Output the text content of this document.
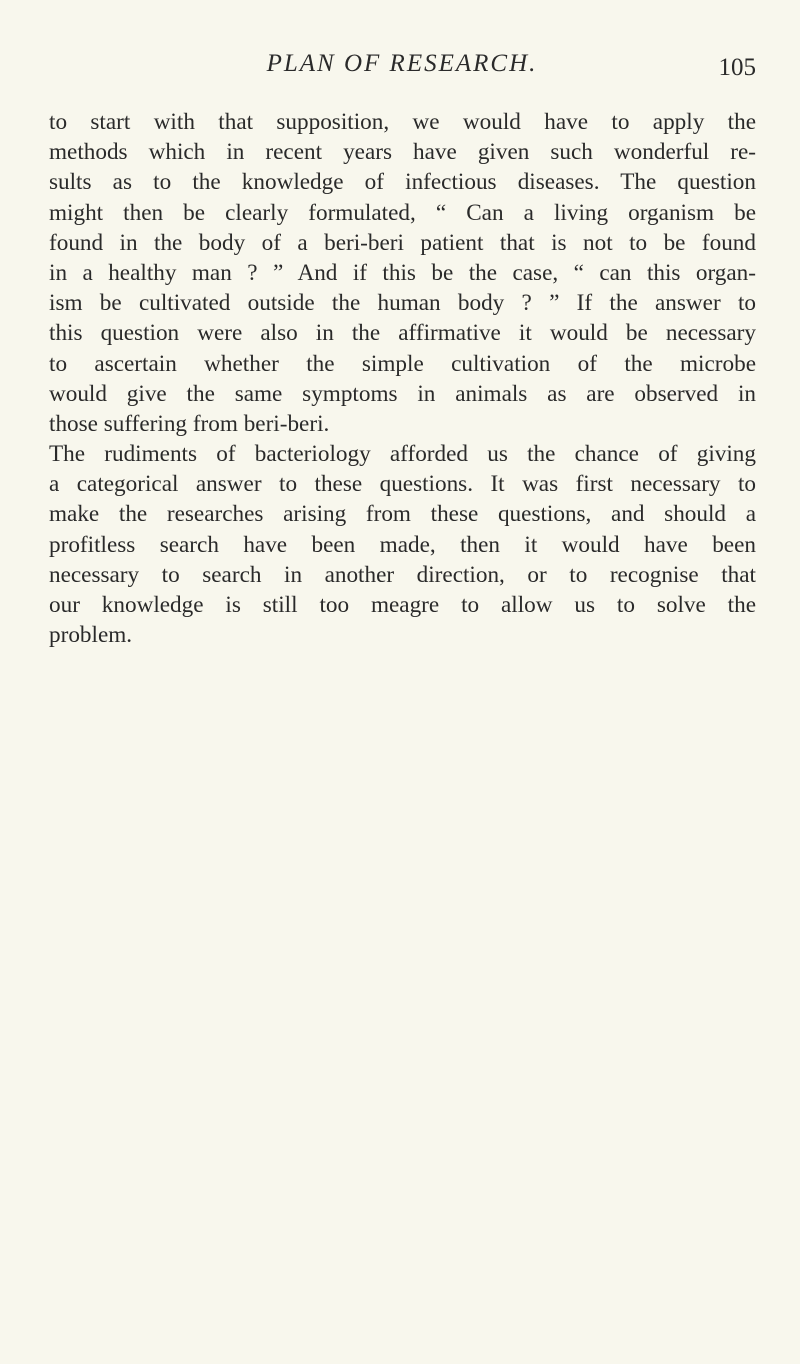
PLAN OF RESEARCH.	105
to start with that supposition, we would have to apply the
methods which in recent years have given such wonderful re-
sults as to the knowledge of infectious diseases. The question
might then be clearly formulated, “ Can a living organism be
found in the body of a beri-beri patient that is not to be found
in a healthy man ? ” And if this be the case, “ can this organ-
ism be cultivated outside the human body ? ” If the answer to
this question were also in the affirmative it would be necessary
to ascertain whether the simple cultivation of the microbe
would give the same symptoms in animals as are observed in
those suffering from beri-beri.
The rudiments of bacteriology afforded us the chance of giving
a categorical answer to these questions. It was first necessary to
make the researches arising from these questions, and should a
profitless search have been made, then it would have been
necessary to search in another direction, or to recognise that
our knowledge is still too meagre to allow us to solve the
problem.
